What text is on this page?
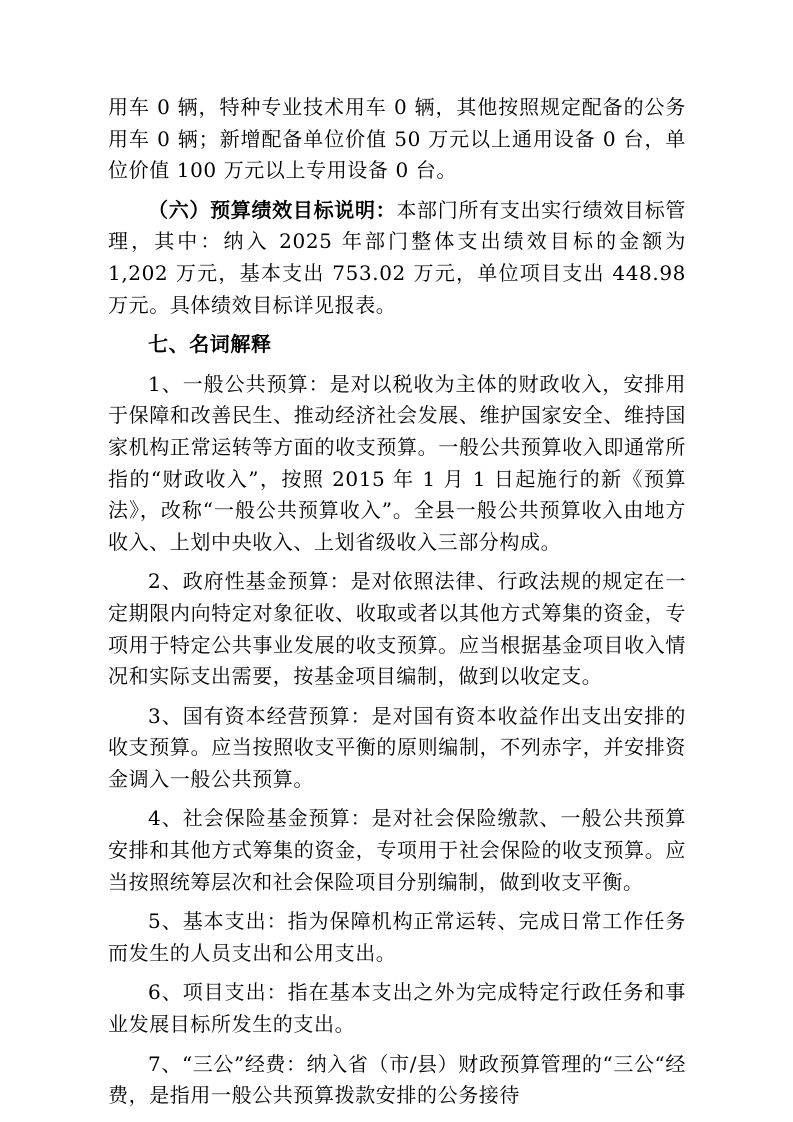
用车 0 辆，特种专业技术用车 0 辆，其他按照规定配备的公务用车 0 辆；新增配备单位价值 50 万元以上通用设备 0 台，单位价值 100 万元以上专用设备 0 台。

（六）预算绩效目标说明：本部门所有支出实行绩效目标管理，其中：纳入 2025 年部门整体支出绩效目标的金额为 1,202 万元，基本支出 753.02 万元，单位项目支出 448.98 万元。具体绩效目标详见报表。

七、名词解释

1、一般公共预算：是对以税收为主体的财政收入，安排用于保障和改善民生、推动经济社会发展、维护国家安全、维持国家机构正常运转等方面的收支预算。一般公共预算收入即通常所指的“财政收入”，按照 2015 年 1 月 1 日起施行的新《预算法》，改称“一般公共预算收入”。全县一般公共预算收入由地方收入、上划中央收入、上划省级收入三部分构成。

2、政府性基金预算：是对依照法律、行政法规的规定在一定期限内向特定对象征收、收取或者以其他方式筹集的资金，专项用于特定公共事业发展的收支预算。应当根据基金项目收入情况和实际支出需要，按基金项目编制，做到以收定支。

3、国有资本经营预算：是对国有资本收益作出支出安排的收支预算。应当按照收支平衡的原则编制，不列赤字，并安排资金调入一般公共预算。

4、社会保险基金预算：是对社会保险缴款、一般公共预算安排和其他方式筹集的资金，专项用于社会保险的收支预算。应当按照统筹层次和社会保险项目分别编制，做到收支平衡。

5、基本支出：指为保障机构正常运转、完成日常工作任务而发生的人员支出和公用支出。

6、项目支出：指在基本支出之外为完成特定行政任务和事业发展目标所发生的支出。

7、“三公”经费：纳入省（市/县）财政预算管理的“三公“经费，是指用一般公共预算拨款安排的公务接待
